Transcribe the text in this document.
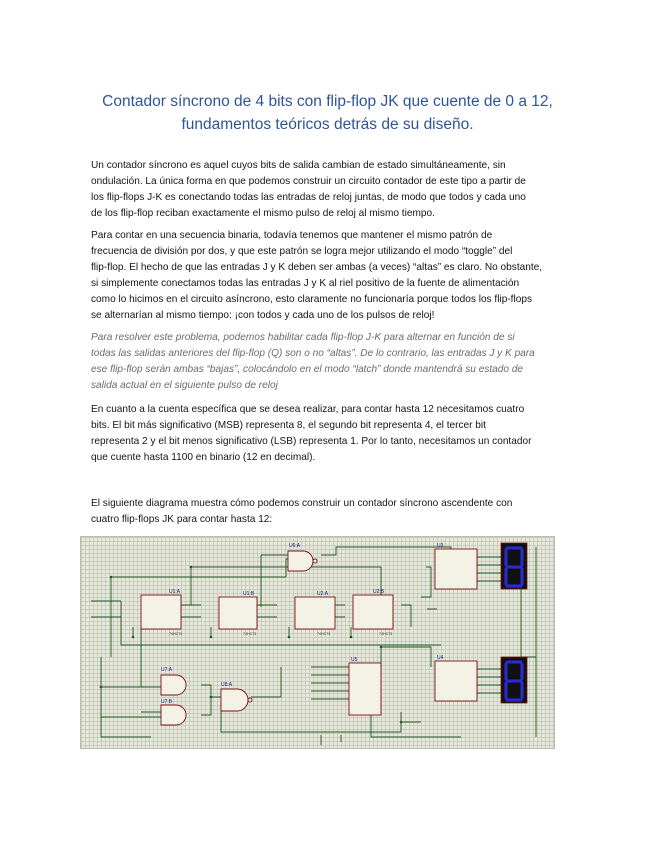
Contador síncrono de 4 bits con flip-flop JK que cuente de 0 a 12,
fundamentos teóricos detrás de su diseño.
Un contador síncrono es aquel cuyos bits de salida cambian de estado simultáneamente, sin
ondulación. La única forma en que podemos construir un circuito contador de este tipo a partir de
los flip-flops J-K es conectando todas las entradas de reloj juntas, de modo que todos y cada uno
de los flip-flop reciban exactamente el mismo pulso de reloj al mismo tiempo.
Para contar en una secuencia binaria, todavía tenemos que mantener el mismo patrón de
frecuencia de división por dos, y que este patrón se logra mejor utilizando el modo “toggle” del
flip-flop. El hecho de que las entradas J y K deben ser ambas (a veces) “altas” es claro. No obstante,
si simplemente conectamos todas las entradas J y K al riel positivo de la fuente de alimentación
como lo hicimos en el circuito asíncrono, esto claramente no funcionaría porque todos los flip-flops
se alternarían al mismo tiempo: ¡con todos y cada uno de los pulsos de reloj!
Para resolver este problema, podemos habilitar cada flip-flop J-K para alternar en función de si
todas las salidas anteriores del flip-flop (Q) son o no “altas”. De lo contrario, las entradas J y K para
ese flip-flop serán ambas “bajas”, colocándolo en el modo “latch” donde mantendrá su estado de
salida actual en el siguiente pulso de reloj
En cuanto a la cuenta específica que se desea realizar, para contar hasta 12 necesitamos cuatro
bits. El bit más significativo (MSB) representa 8, el segundo bit representa 4, el tercer bit
representa 2 y el bit menos significativo (LSB) representa 1. Por lo tanto, necesitamos un contador
que cuente hasta 1100 en binario (12 en decimal).
El siguiente diagrama muestra cómo podemos construir un contador síncrono ascendente con
cuatro flip-flops JK para contar hasta 12:
U1:A	U1:B	U2:A	U2:B
74HC73	74HC73	74HC73	74HC73
U6:A
U7:A
U7:B
U8:A
U3
U4
U5
